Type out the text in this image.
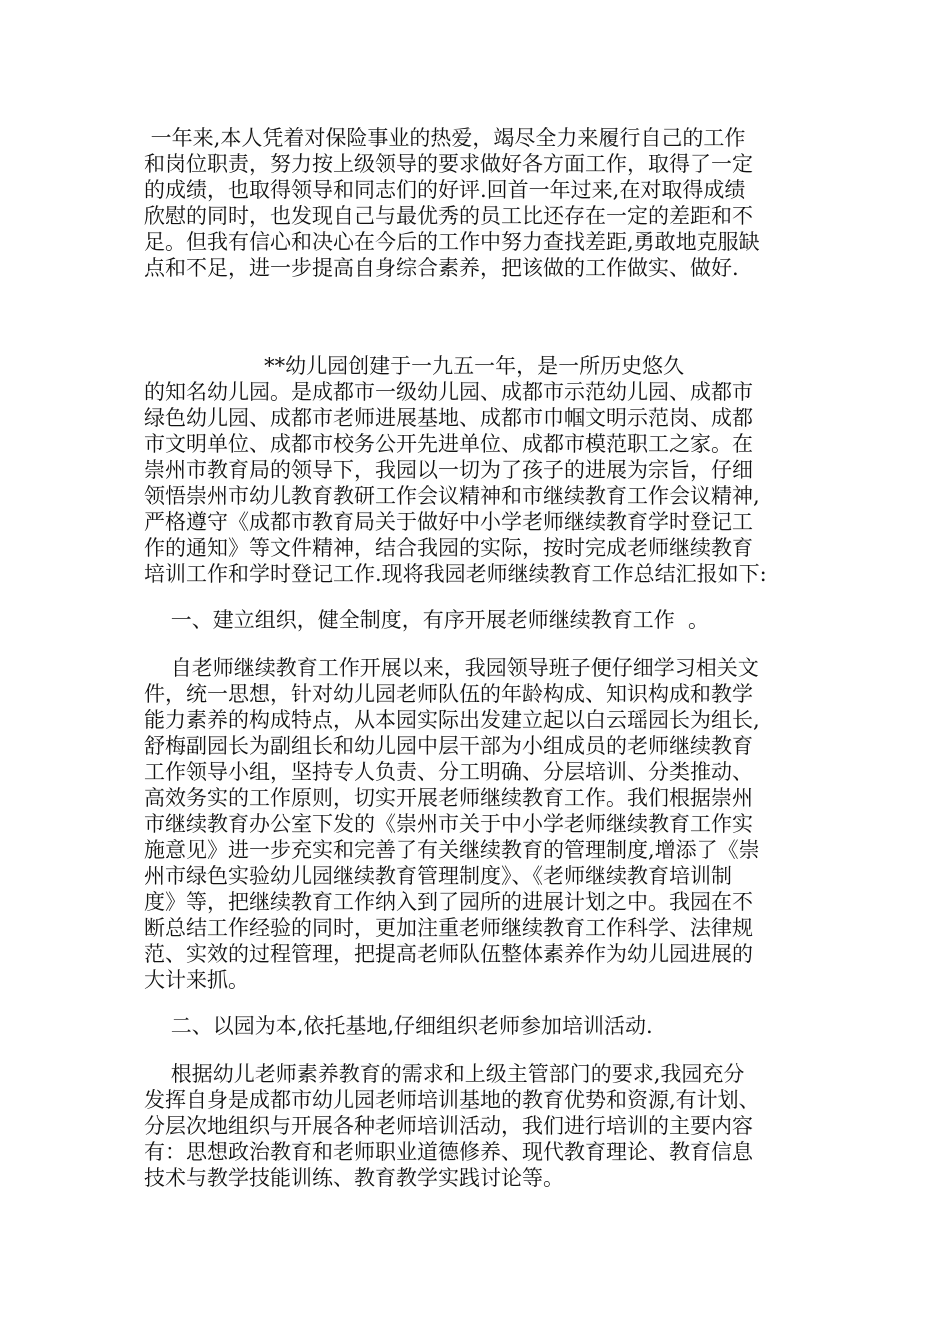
一年来,本人凭着对保险事业的热爱，竭尽全力来履行自己的工作
和岗位职责，努力按上级领导的要求做好各方面工作，取得了一定
的成绩，也取得领导和同志们的好评.回首一年过来,在对取得成绩
欣慰的同时，也发现自己与最优秀的员工比还存在一定的差距和不
足。但我有信心和决心在今后的工作中努力查找差距,勇敢地克服缺
点和不足，进一步提高自身综合素养，把该做的工作做实、做好.
**幼儿园创建于一九五一年，是一所历史悠久
的知名幼儿园。是成都市一级幼儿园、成都市示范幼儿园、成都市
绿色幼儿园、成都市老师进展基地、成都市巾帼文明示范岗、成都
市文明单位、成都市校务公开先进单位、成都市模范职工之家。在
崇州市教育局的领导下，我园以一切为了孩子的进展为宗旨，仔细
领悟崇州市幼儿教育教研工作会议精神和市继续教育工作会议精神,
严格遵守《成都市教育局关于做好中小学老师继续教育学时登记工
作的通知》等文件精神，结合我园的实际，按时完成老师继续教育
培训工作和学时登记工作.现将我园老师继续教育工作总结汇报如下:
一、建立组织，健全制度，有序开展老师继续教育工作  。
自老师继续教育工作开展以来，我园领导班子便仔细学习相关文
件，统一思想，针对幼儿园老师队伍的年龄构成、知识构成和教学
能力素养的构成特点，从本园实际出发建立起以白云瑶园长为组长,
舒梅副园长为副组长和幼儿园中层干部为小组成员的老师继续教育
工作领导小组，坚持专人负责、分工明确、分层培训、分类推动、
高效务实的工作原则，切实开展老师继续教育工作。我们根据崇州
市继续教育办公室下发的《崇州市关于中小学老师继续教育工作实
施意见》进一步充实和完善了有关继续教育的管理制度,增添了《崇
州市绿色实验幼儿园继续教育管理制度》、《老师继续教育培训制
度》等，把继续教育工作纳入到了园所的进展计划之中。我园在不
断总结工作经验的同时，更加注重老师继续教育工作科学、法律规
范、实效的过程管理，把提高老师队伍整体素养作为幼儿园进展的
大计来抓。
二、以园为本,依托基地,仔细组织老师参加培训活动.
根据幼儿老师素养教育的需求和上级主管部门的要求,我园充分
发挥自身是成都市幼儿园老师培训基地的教育优势和资源,有计划、
分层次地组织与开展各种老师培训活动，我们进行培训的主要内容
有：思想政治教育和老师职业道德修养、现代教育理论、教育信息
技术与教学技能训练、教育教学实践讨论等。
